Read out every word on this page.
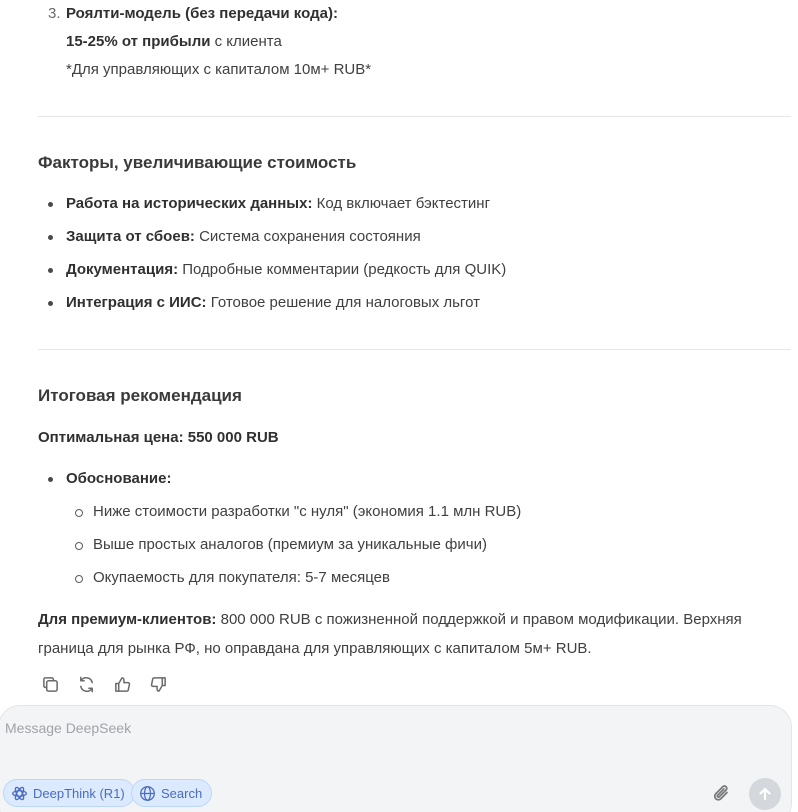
3. Роялти-модель (без передачи кода):
15-25% от прибыли с клиента
*Для управляющих с капиталом 10м+ RUB*
Факторы, увеличивающие стоимость
Работа на исторических данных: Код включает бэктестинг
Защита от сбоев: Система сохранения состояния
Документация: Подробные комментарии (редкость для QUIK)
Интеграция с ИИС: Готовое решение для налоговых льгот
Итоговая рекомендация
Оптимальная цена: 550 000 RUB
Обоснование:
Ниже стоимости разработки "с нуля" (экономия 1.1 млн RUB)
Выше простых аналогов (премиум за уникальные фичи)
Окупаемость для покупателя: 5-7 месяцев
Для премиум-клиентов: 800 000 RUB с пожизненной поддержкой и правом модификации. Верхняя граница для рынка РФ, но оправдана для управляющих с капиталом 5м+ RUB.
Message DeepSeek
DeepThink (R1)	Search
